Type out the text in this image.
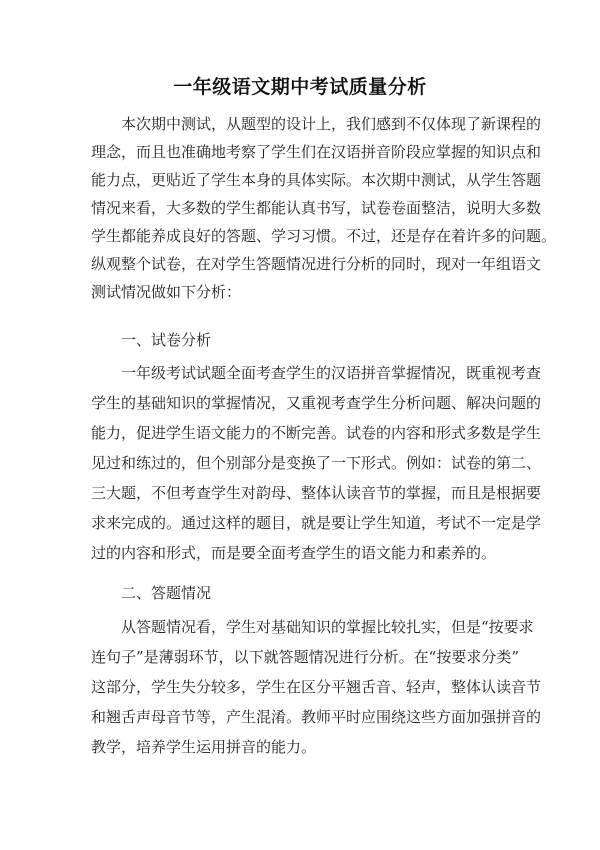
一年级语文期中考试质量分析
本次期中测试，从题型的设计上，我们感到不仅体现了新课程的
理念，而且也准确地考察了学生们在汉语拼音阶段应掌握的知识点和
能力点，更贴近了学生本身的具体实际。本次期中测试，从学生答题
情况来看，大多数的学生都能认真书写，试卷卷面整洁，说明大多数
学生都能养成良好的答题、学习习惯。不过，还是存在着许多的问题。
纵观整个试卷，在对学生答题情况进行分析的同时，现对一年组语文
测试情况做如下分析：
一、试卷分析
一年级考试试题全面考查学生的汉语拼音掌握情况，既重视考查
学生的基础知识的掌握情况，又重视考查学生分析问题、解决问题的
能力，促进学生语文能力的不断完善。试卷的内容和形式多数是学生
见过和练过的，但个别部分是变换了一下形式。例如：试卷的第二、
三大题，不但考查学生对韵母、整体认读音节的掌握，而且是根据要
求来完成的。通过这样的题目，就是要让学生知道，考试不一定是学
过的内容和形式，而是要全面考查学生的语文能力和素养的。
二、答题情况
从答题情况看，学生对基础知识的掌握比较扎实，但是“按要求
连句子”是薄弱环节，以下就答题情况进行分析。在“按要求分类”
这部分，学生失分较多，学生在区分平翘舌音、轻声，整体认读音节
和翘舌声母音节等，产生混淆。教师平时应围绕这些方面加强拼音的
教学，培养学生运用拼音的能力。
